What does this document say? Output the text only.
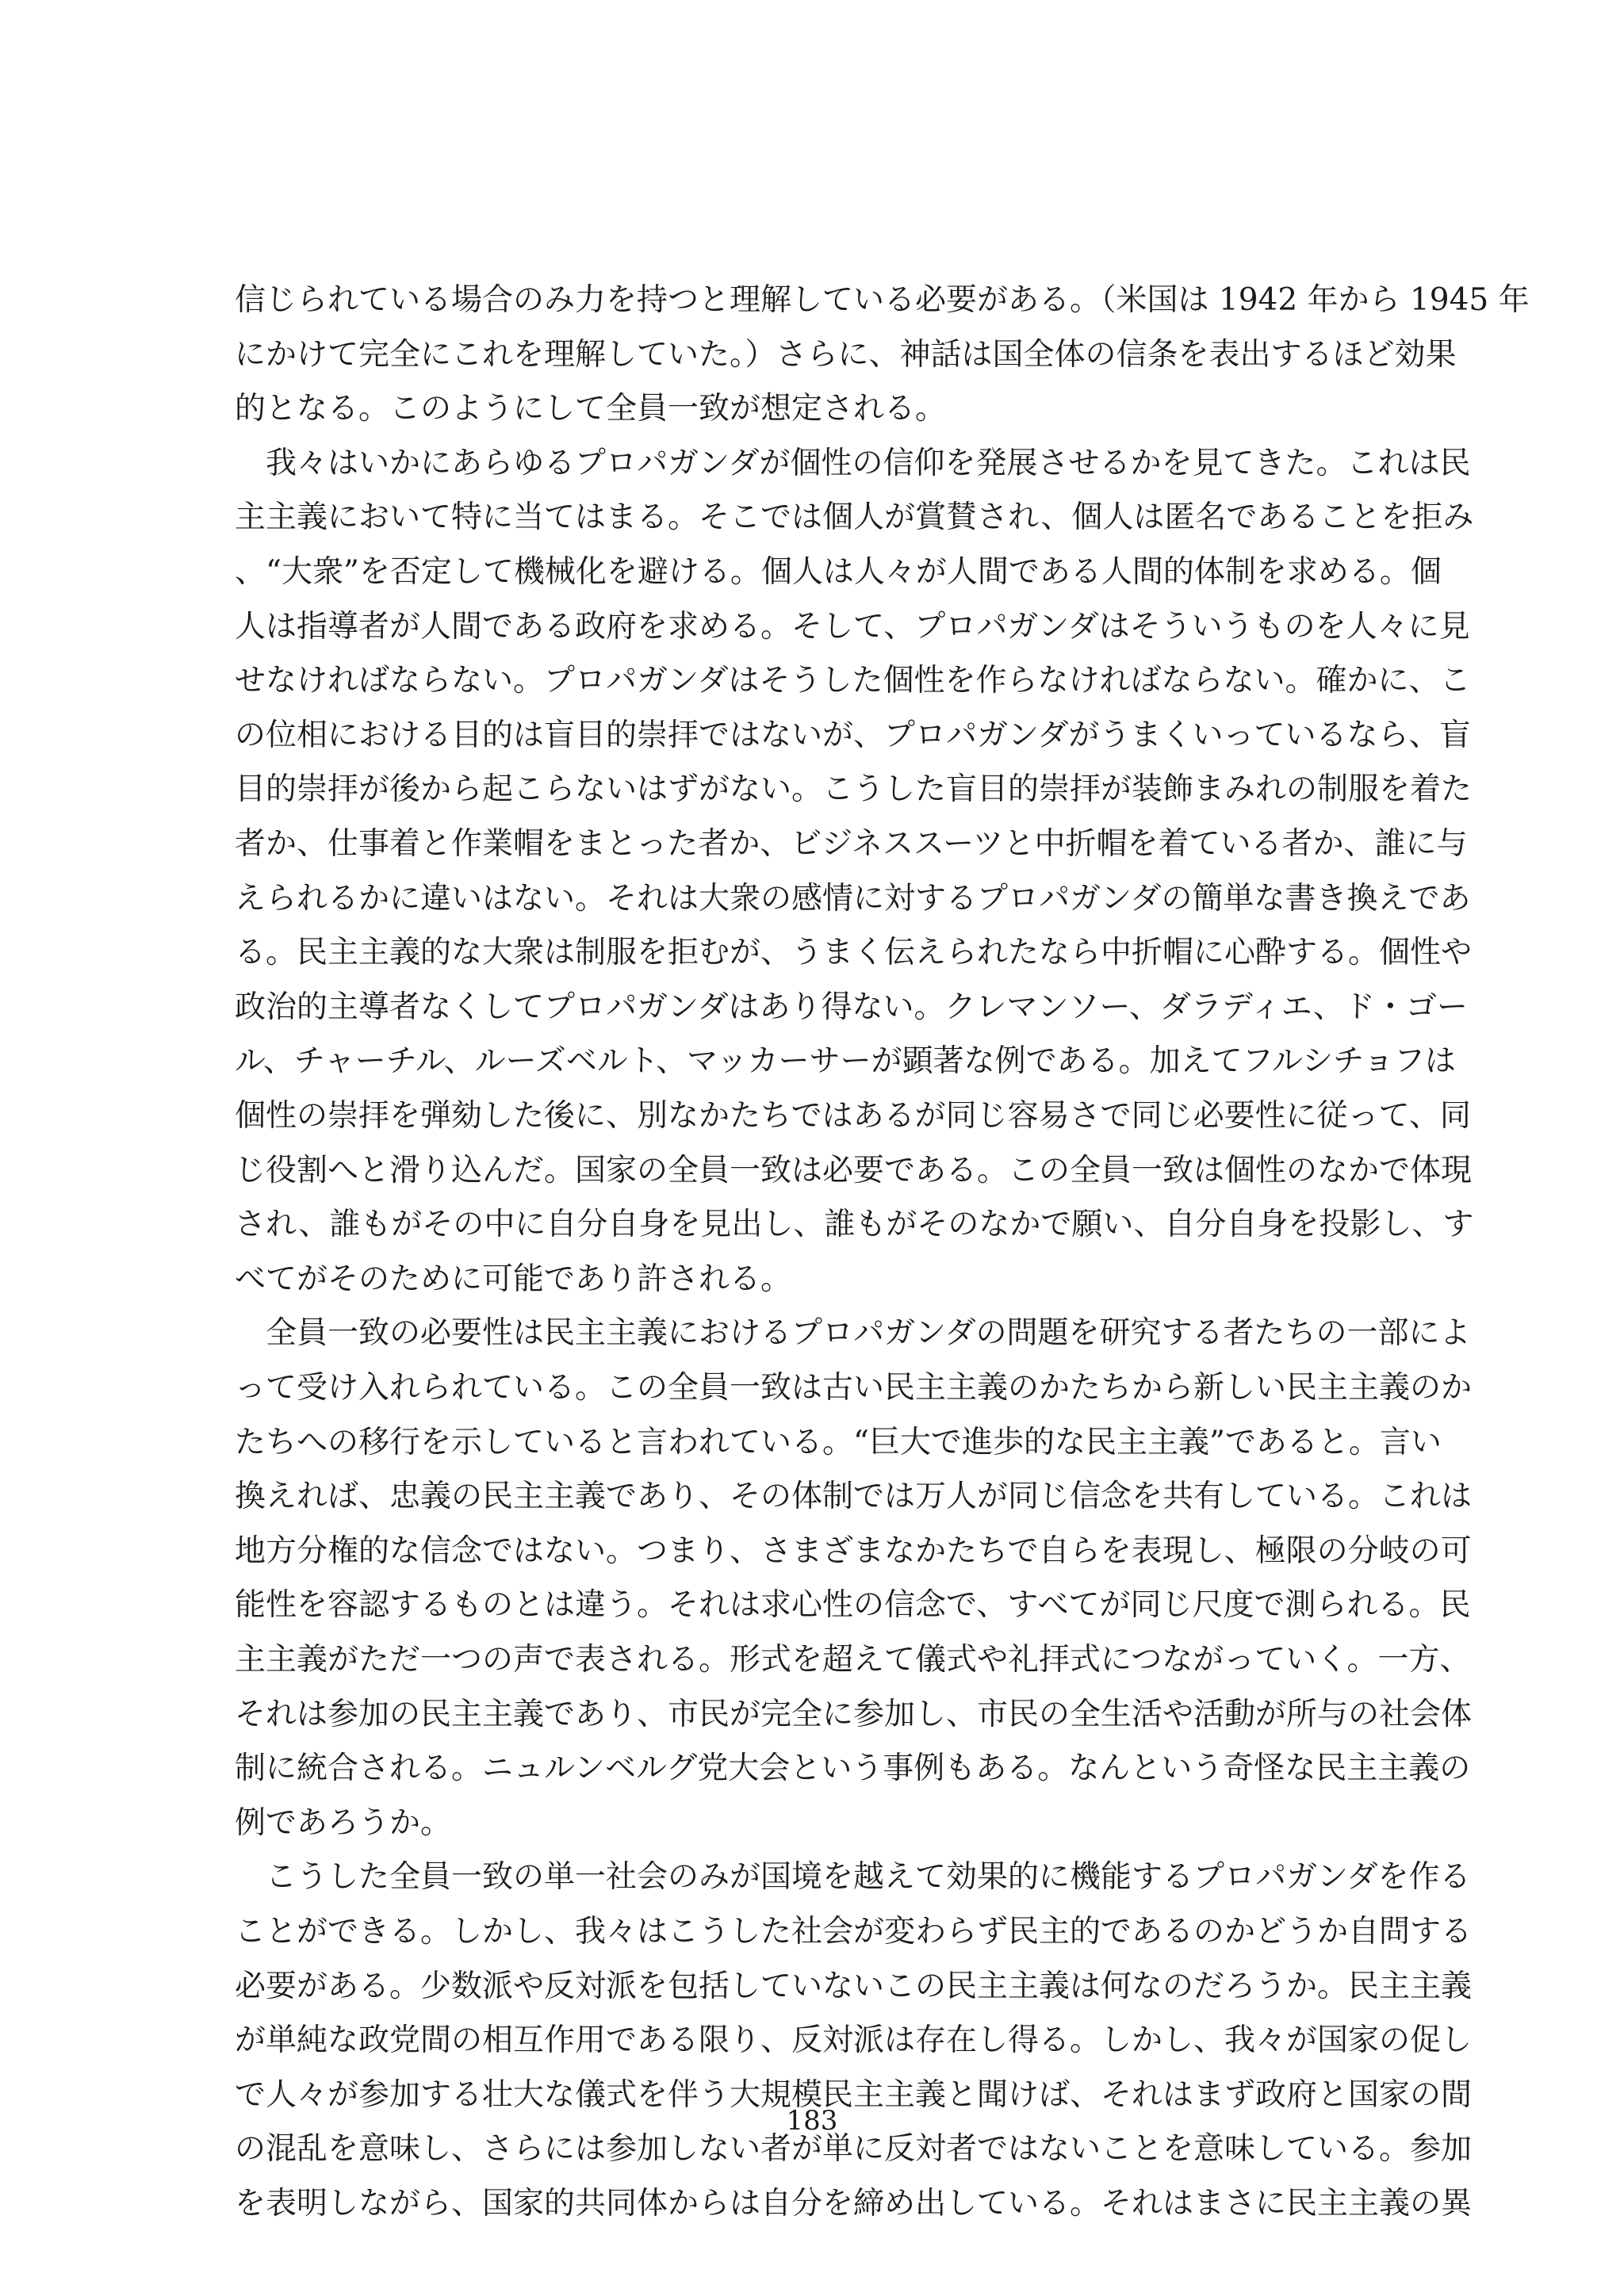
信じられている場合のみ力を持つと理解している必要がある。（米国は 1942 年から 1945 年
にかけて完全にこれを理解していた。）さらに、神話は国全体の信条を表出するほど効果
的となる。このようにして全員一致が想定される。
　我々はいかにあらゆるプロパガンダが個性の信仰を発展させるかを見てきた。これは民
主主義において特に当てはまる。そこでは個人が賞賛され、個人は匿名であることを拒み
、“大衆”を否定して機械化を避ける。個人は人々が人間である人間的体制を求める。個
人は指導者が人間である政府を求める。そして、プロパガンダはそういうものを人々に見
せなければならない。プロパガンダはそうした個性を作らなければならない。確かに、こ
の位相における目的は盲目的崇拝ではないが、プロパガンダがうまくいっているなら、盲
目的崇拝が後から起こらないはずがない。こうした盲目的崇拝が装飾まみれの制服を着た
者か、仕事着と作業帽をまとった者か、ビジネススーツと中折帽を着ている者か、誰に与
えられるかに違いはない。それは大衆の感情に対するプロパガンダの簡単な書き換えであ
る。民主主義的な大衆は制服を拒むが、うまく伝えられたなら中折帽に心酔する。個性や
政治的主導者なくしてプロパガンダはあり得ない。クレマンソー、ダラディエ、ド・ゴー
ル、チャーチル、ルーズベルト、マッカーサーが顕著な例である。加えてフルシチョフは
個性の崇拝を弾劾した後に、別なかたちではあるが同じ容易さで同じ必要性に従って、同
じ役割へと滑り込んだ。国家の全員一致は必要である。この全員一致は個性のなかで体現
され、誰もがその中に自分自身を見出し、誰もがそのなかで願い、自分自身を投影し、す
べてがそのために可能であり許される。
　全員一致の必要性は民主主義におけるプロパガンダの問題を研究する者たちの一部によ
って受け入れられている。この全員一致は古い民主主義のかたちから新しい民主主義のか
たちへの移行を示していると言われている。“巨大で進歩的な民主主義”であると。言い
換えれば、忠義の民主主義であり、その体制では万人が同じ信念を共有している。これは
地方分権的な信念ではない。つまり、さまざまなかたちで自らを表現し、極限の分岐の可
能性を容認するものとは違う。それは求心性の信念で、すべてが同じ尺度で測られる。民
主主義がただ一つの声で表される。形式を超えて儀式や礼拝式につながっていく。一方、
それは参加の民主主義であり、市民が完全に参加し、市民の全生活や活動が所与の社会体
制に統合される。ニュルンベルグ党大会という事例もある。なんという奇怪な民主主義の
例であろうか。
　こうした全員一致の単一社会のみが国境を越えて効果的に機能するプロパガンダを作る
ことができる。しかし、我々はこうした社会が変わらず民主的であるのかどうか自問する
必要がある。少数派や反対派を包括していないこの民主主義は何なのだろうか。民主主義
が単純な政党間の相互作用である限り、反対派は存在し得る。しかし、我々が国家の促し
で人々が参加する壮大な儀式を伴う大規模民主主義と聞けば、それはまず政府と国家の間
の混乱を意味し、さらには参加しない者が単に反対者ではないことを意味している。参加
を表明しながら、国家的共同体からは自分を締め出している。それはまさに民主主義の異
183
